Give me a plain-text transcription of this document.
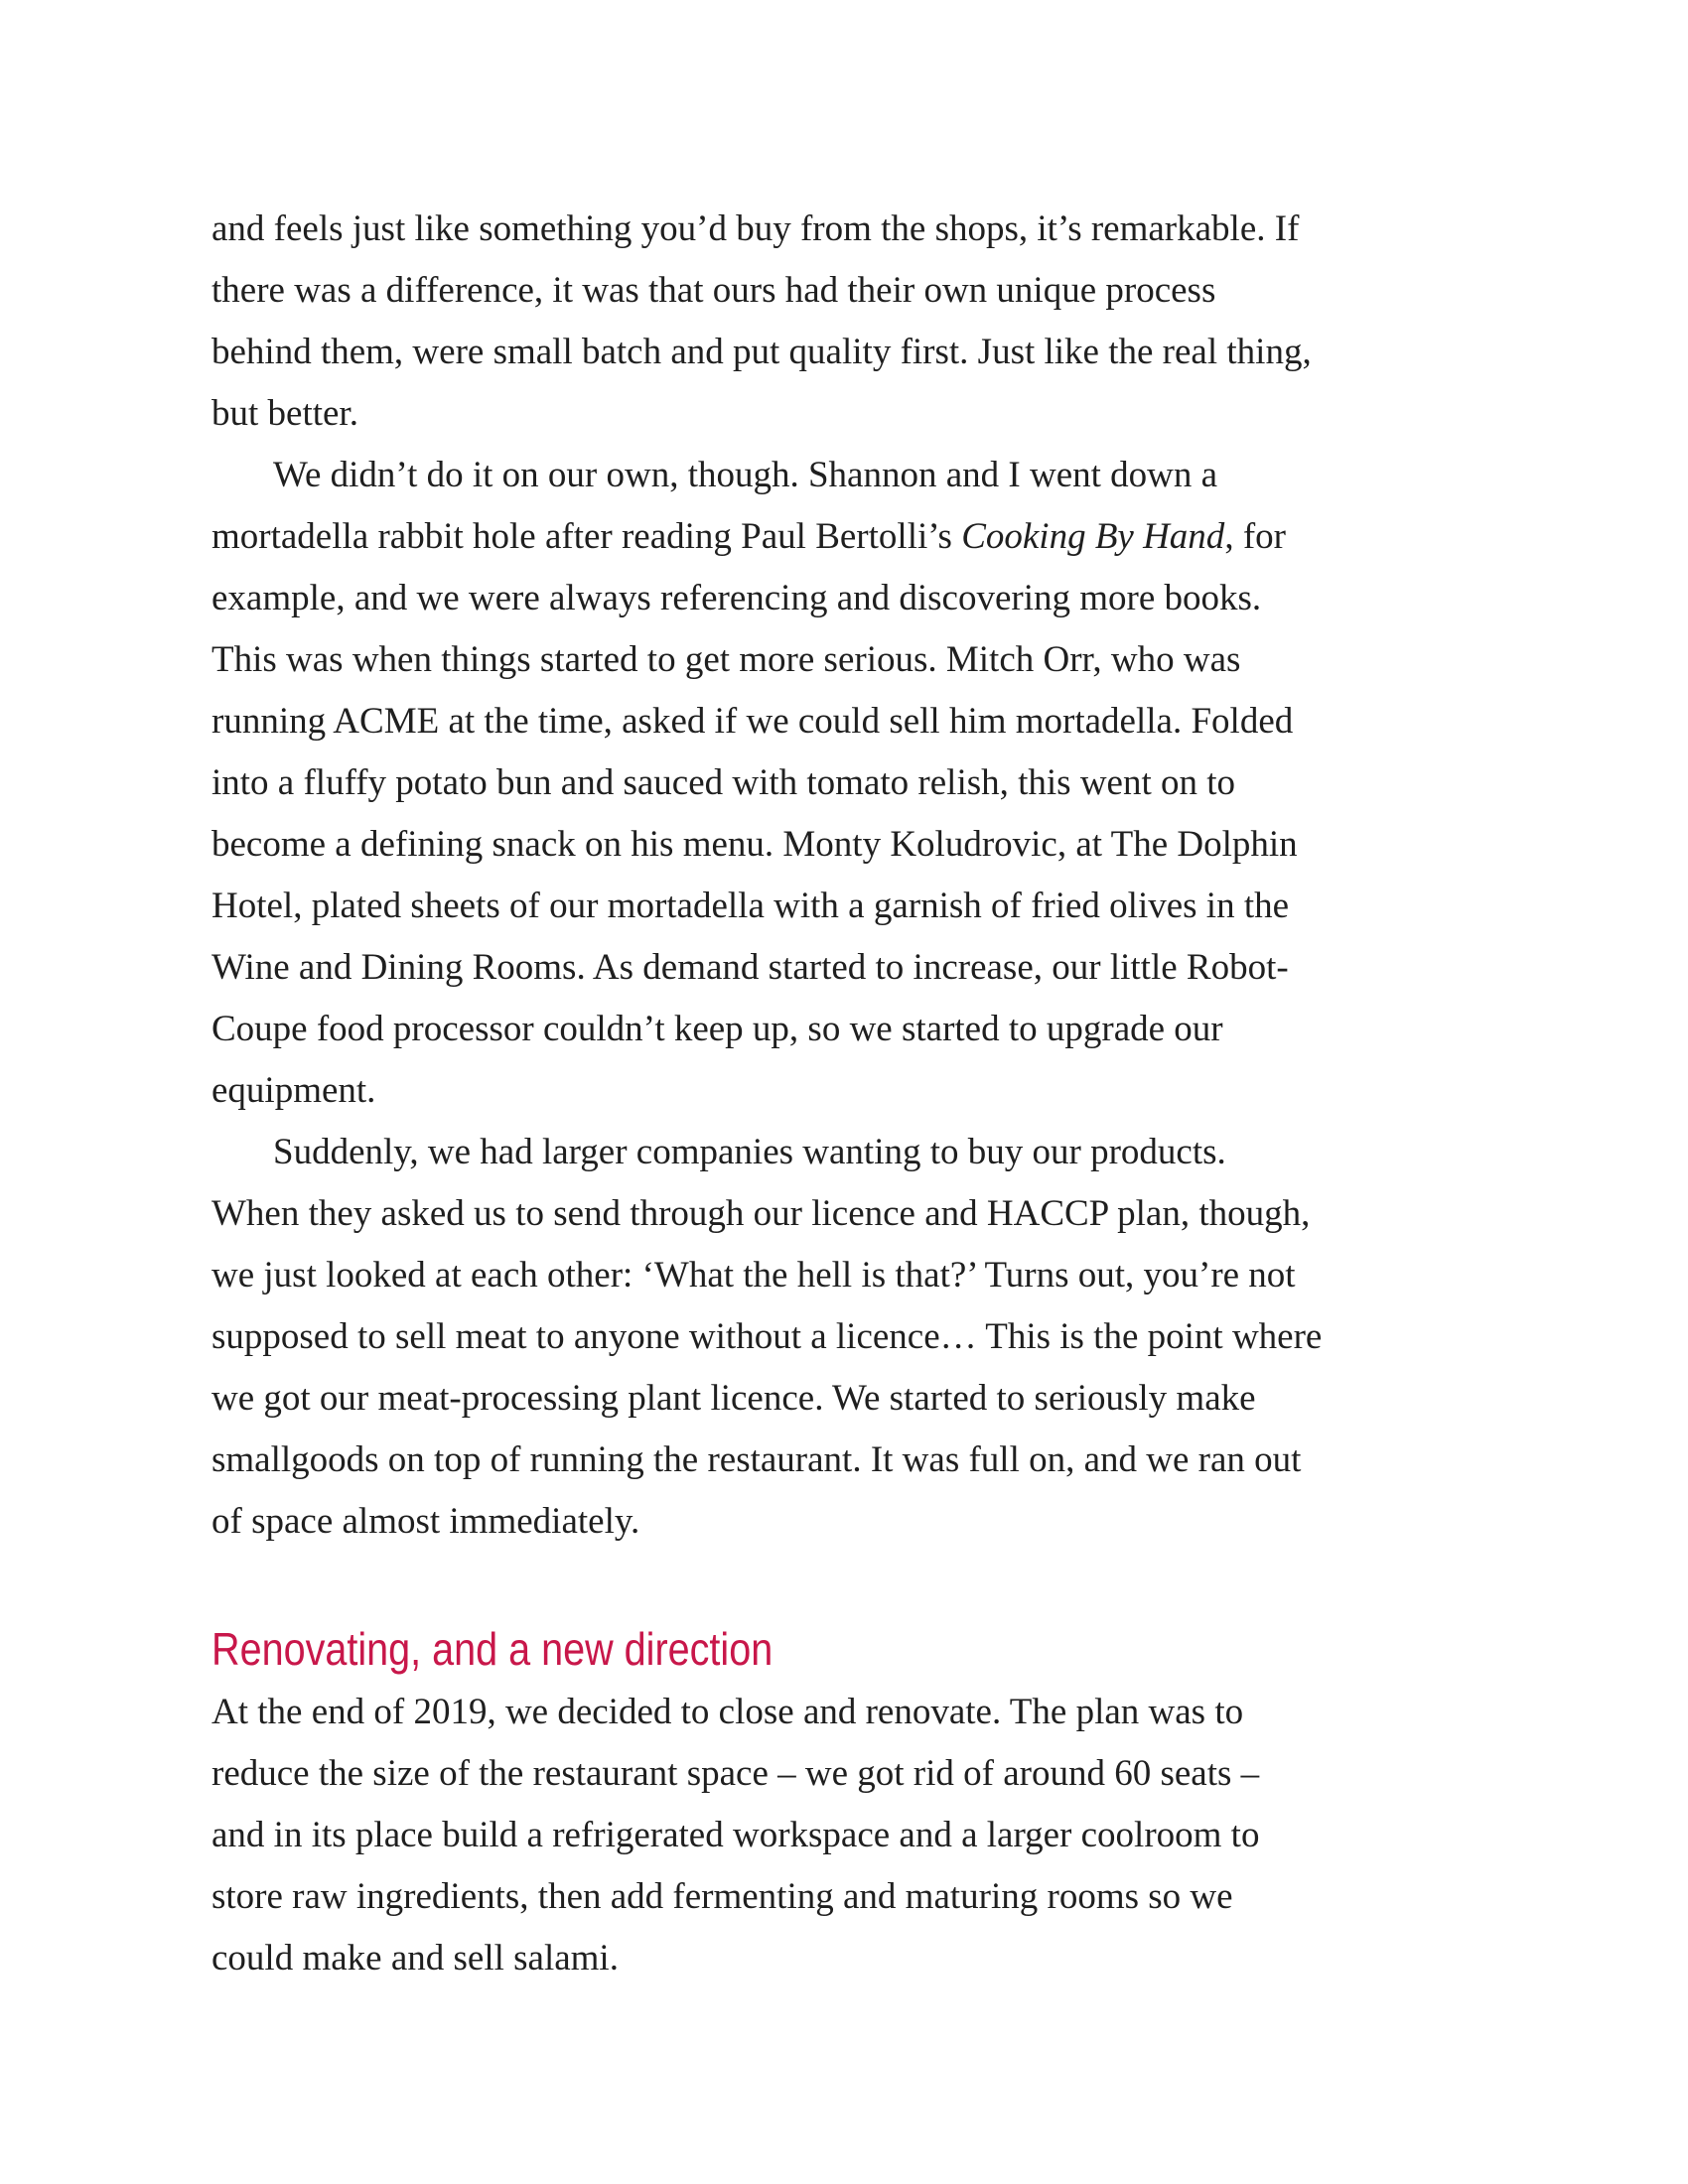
and feels just like something you’d buy from the shops, it’s remarkable. If
there was a difference, it was that ours had their own unique process
behind them, were small batch and put quality first. Just like the real thing,
but better.

We didn’t do it on our own, though. Shannon and I went down a
mortadella rabbit hole after reading Paul Bertolli’s Cooking By Hand, for
example, and we were always referencing and discovering more books.
This was when things started to get more serious. Mitch Orr, who was
running ACME at the time, asked if we could sell him mortadella. Folded
into a fluffy potato bun and sauced with tomato relish, this went on to
become a defining snack on his menu. Monty Koludrovic, at The Dolphin
Hotel, plated sheets of our mortadella with a garnish of fried olives in the
Wine and Dining Rooms. As demand started to increase, our little Robot-
Coupe food processor couldn’t keep up, so we started to upgrade our
equipment.

Suddenly, we had larger companies wanting to buy our products.
When they asked us to send through our licence and HACCP plan, though,
we just looked at each other: ‘What the hell is that?’ Turns out, you’re not
supposed to sell meat to anyone without a licence… This is the point where
we got our meat-processing plant licence. We started to seriously make
smallgoods on top of running the restaurant. It was full on, and we ran out
of space almost immediately.

Renovating, and a new direction

At the end of 2019, we decided to close and renovate. The plan was to
reduce the size of the restaurant space – we got rid of around 60 seats –
and in its place build a refrigerated workspace and a larger coolroom to
store raw ingredients, then add fermenting and maturing rooms so we
could make and sell salami.
